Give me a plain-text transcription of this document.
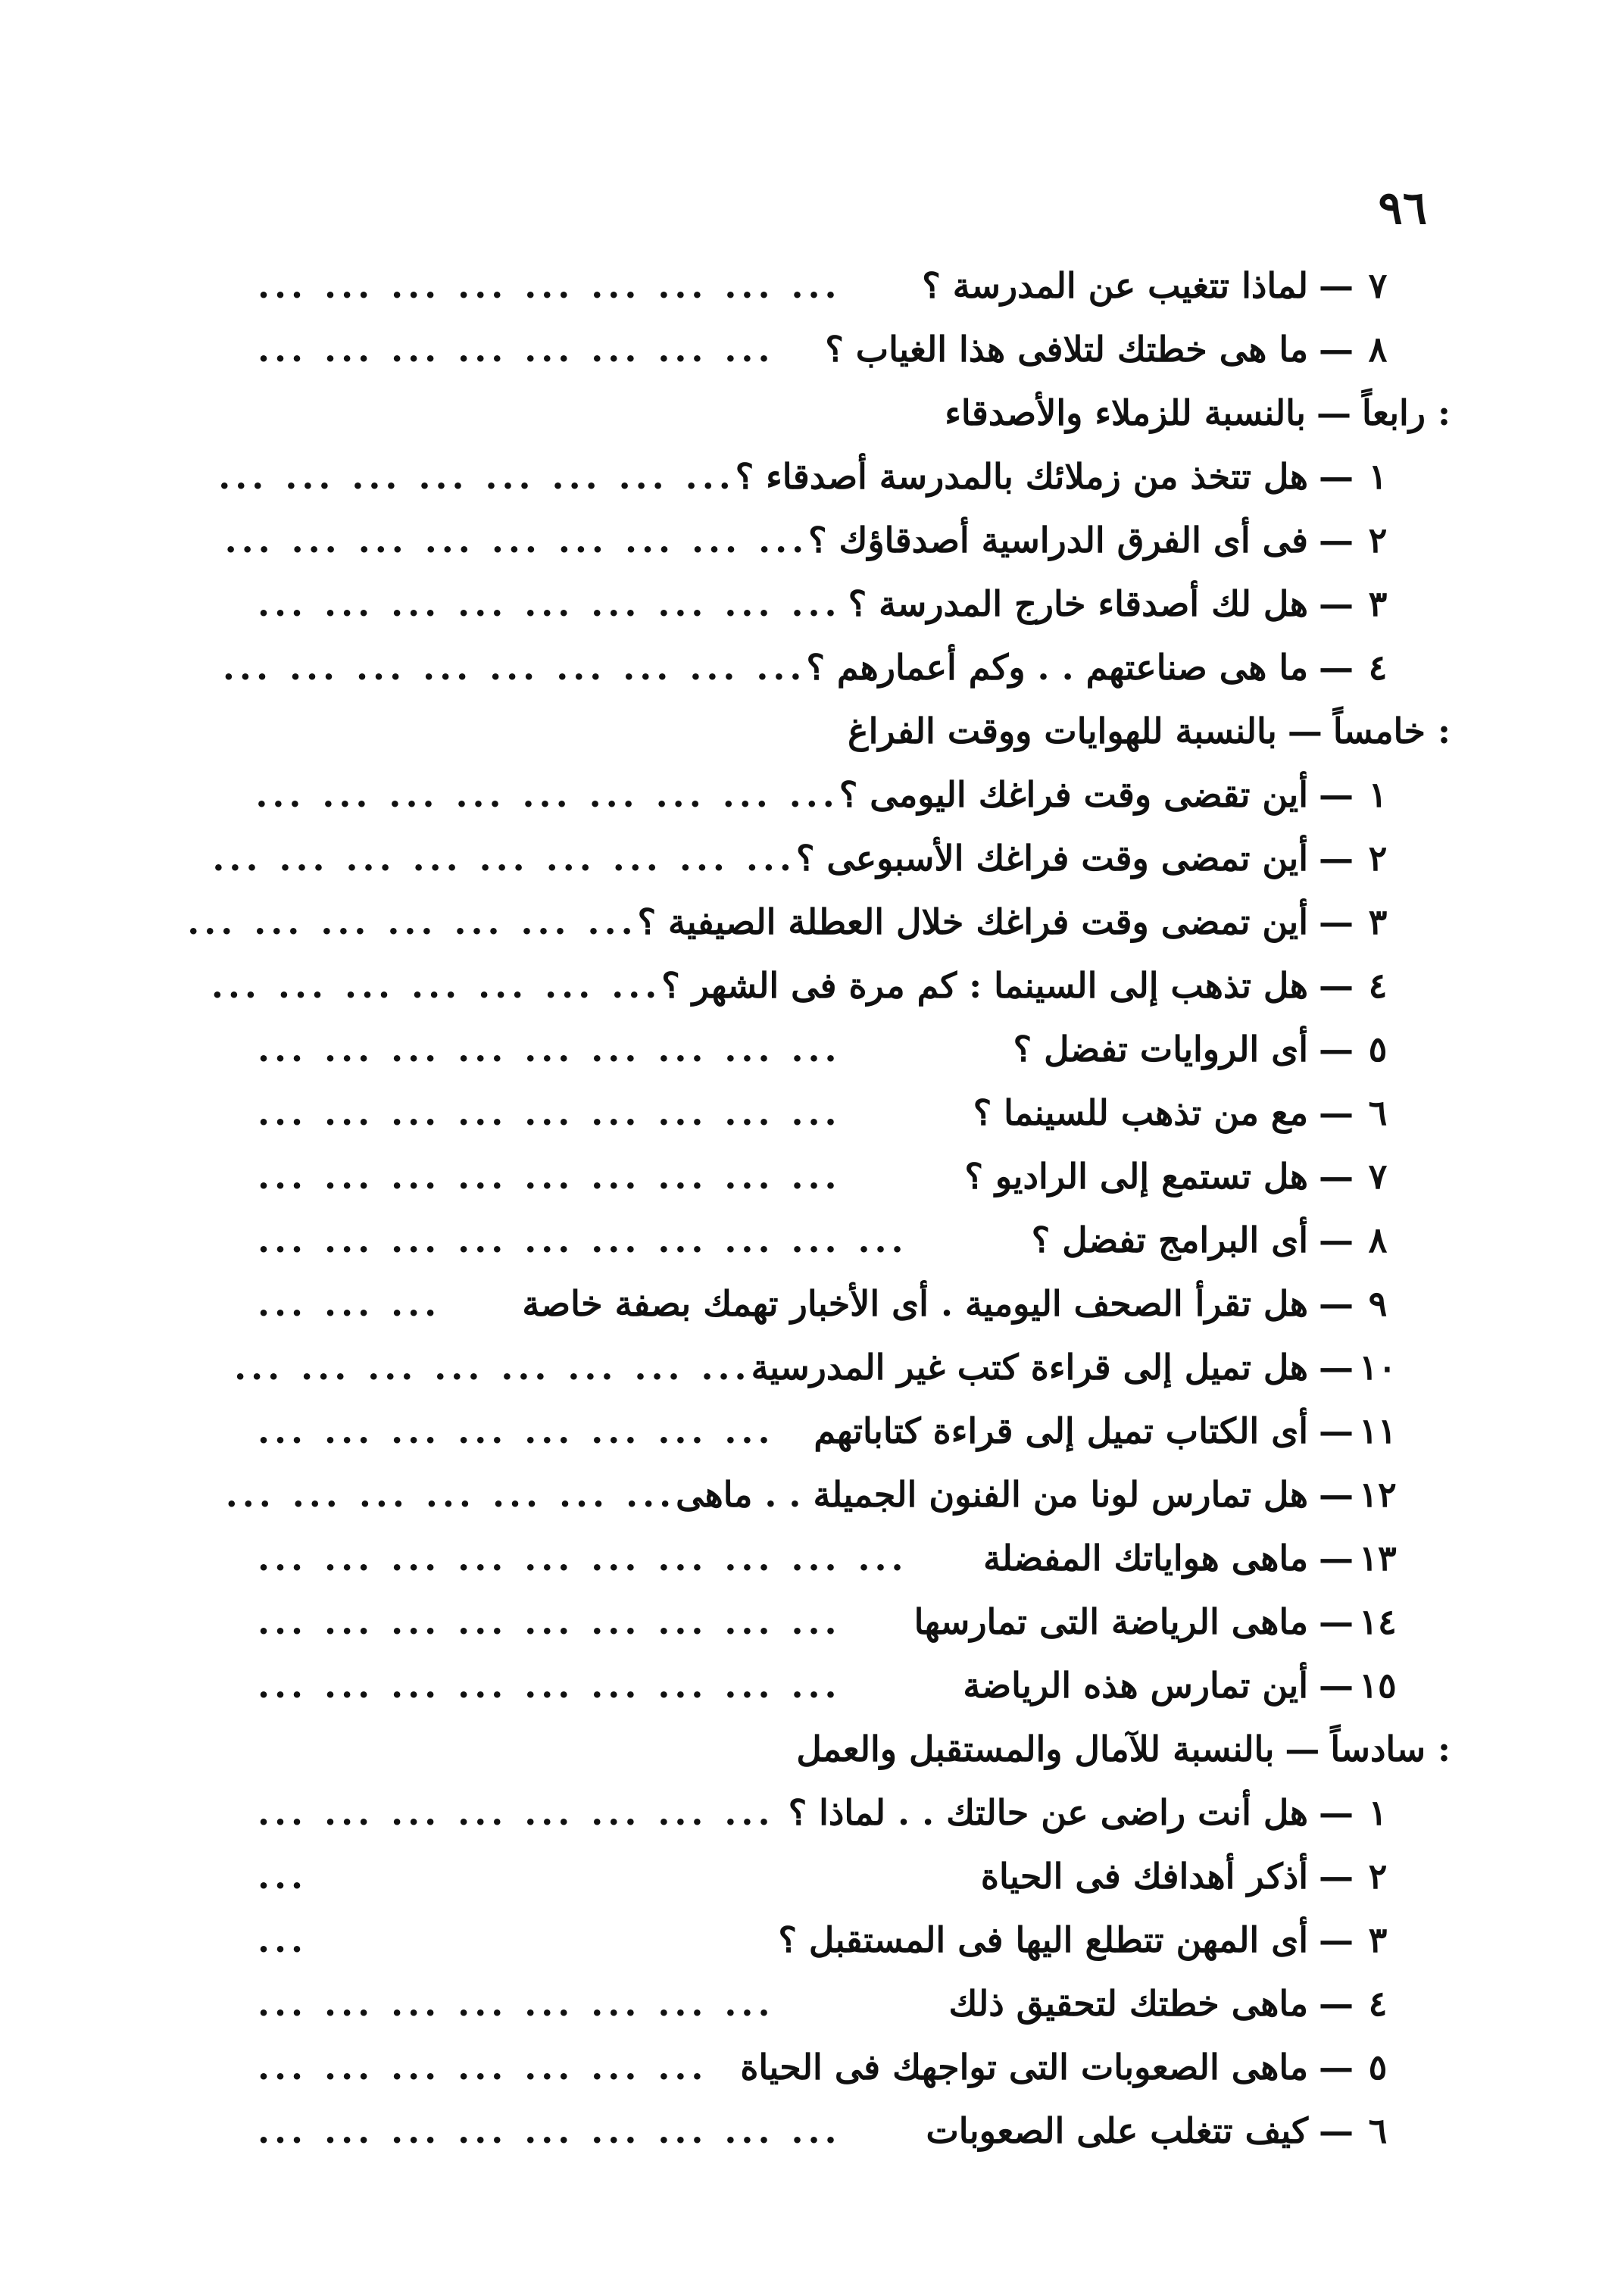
٩٦
٧
—
لماذا تتغيب عن المدرسة ؟
... ... ... ... ... ... ... ... ...
٨
—
ما هى خطتك لتلافى هذا الغياب ؟
... ... ... ... ... ... ... ...
رابعاً :
—
بالنسبة للزملاء والأصدقاء
١
—
هل تتخذ من زملائك بالمدرسة أصدقاء ؟
... ... ... ... ... ... ... ...
٢
—
فى أى الفرق الدراسية أصدقاؤك ؟
... ... ... ... ... ... ... ... ...
٣
—
هل لك أصدقاء خارج المدرسة ؟
... ... ... ... ... ... ... ... ...
٤
—
ما هى صناعتهم . . وكم أعمارهم ؟
... ... ... ... ... ... ... ... ...
خامساً :
—
بالنسبة للهوايات ووقت الفراغ
١
—
أين تقضى وقت فراغك اليومى ؟
... ... ... ... ... ... ... ... ...
٢
—
أين تمضى وقت فراغك الأسبوعى ؟
... ... ... ... ... ... ... ... ...
٣
—
أين تمضى وقت فراغك خلال العطلة الصيفية ؟
... ... ... ... ... ... ...
٤
—
هل تذهب إلى السينما : كم مرة فى الشهر ؟
... ... ... ... ... ... ...
٥
—
أى الروايات تفضل ؟
... ... ... ... ... ... ... ... ...
٦
—
مع من تذهب للسينما ؟
... ... ... ... ... ... ... ... ...
٧
—
هل تستمع إلى الراديو ؟
... ... ... ... ... ... ... ... ...
٨
—
أى البرامج تفضل ؟
... ... ... ... ... ... ... ... ... ...
٩
—
هل تقرأ الصحف اليومية . أى الأخبار تهمك بصفة خاصة
... ... ...
١٠
—
هل تميل إلى قراءة كتب غير المدرسية
... ... ... ... ... ... ... ...
١١
—
أى الكتاب تميل إلى قراءة كتاباتهم
... ... ... ... ... ... ... ...
١٢
—
هل تمارس لونا من الفنون الجميلة . . ماهى
... ... ... ... ... ... ...
١٣
—
ماهى هواياتك المفضلة
... ... ... ... ... ... ... ... ... ...
١٤
—
ماهى الرياضة التى تمارسها
... ... ... ... ... ... ... ... ...
١٥
—
أين تمارس هذه الرياضة
... ... ... ... ... ... ... ... ...
سادساً :
—
بالنسبة للآمال والمستقبل والعمل
١
—
هل أنت راضى عن حالتك . . لماذا ؟
... ... ... ... ... ... ... ...
٢
—
أذكر أهدافك فى الحياة
...
٣
—
أى المهن تتطلع اليها فى المستقبل ؟
...
٤
—
ماهى خطتك لتحقيق ذلك
... ... ... ... ... ... ... ...
٥
—
ماهى الصعوبات التى تواجهك فى الحياة
... ... ... ... ... ... ...
٦
—
كيف تتغلب على الصعوبات
... ... ... ... ... ... ... ... ...
